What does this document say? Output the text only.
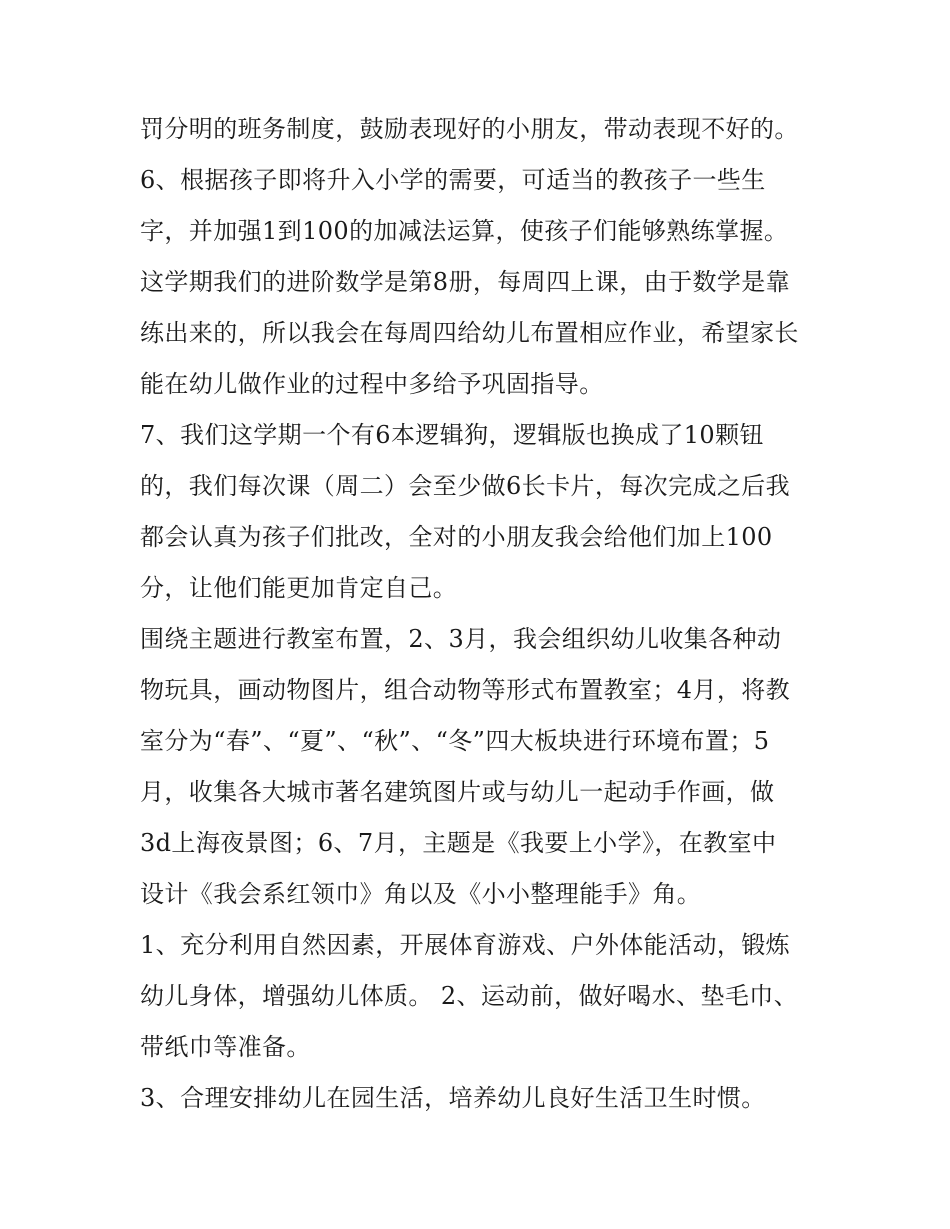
罚分明的班务制度，鼓励表现好的小朋友，带动表现不好的。
6、根据孩子即将升入小学的需要，可适当的教孩子一些生
字，并加强1到100的加减法运算，使孩子们能够熟练掌握。
这学期我们的进阶数学是第8册，每周四上课，由于数学是靠
练出来的，所以我会在每周四给幼儿布置相应作业，希望家长
能在幼儿做作业的过程中多给予巩固指导。
7、我们这学期一个有6本逻辑狗，逻辑版也换成了10颗钮
的，我们每次课（周二）会至少做6长卡片，每次完成之后我
都会认真为孩子们批改，全对的小朋友我会给他们加上100
分，让他们能更加肯定自己。
围绕主题进行教室布置，2、3月，我会组织幼儿收集各种动
物玩具，画动物图片，组合动物等形式布置教室；4月，将教
室分为“春”、“夏”、“秋”、“冬”四大板块进行环境布置；5
月，收集各大城市著名建筑图片或与幼儿一起动手作画，做
3d上海夜景图；6、7月，主题是《我要上小学》，在教室中
设计《我会系红领巾》角以及《小小整理能手》角。
1、充分利用自然因素，开展体育游戏、户外体能活动，锻炼
幼儿身体，增强幼儿体质。 2、运动前，做好喝水、垫毛巾、
带纸巾等准备。
3、合理安排幼儿在园生活，培养幼儿良好生活卫生时惯。
